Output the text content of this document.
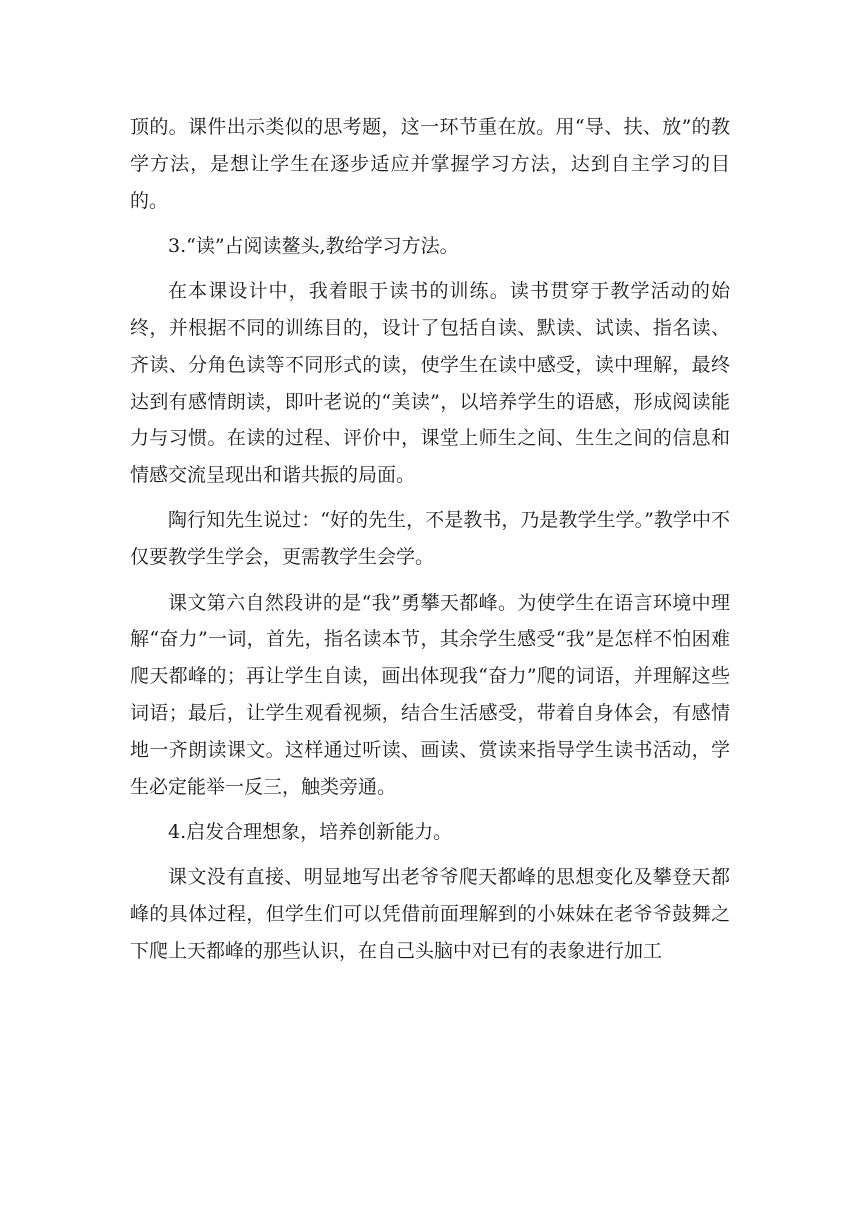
顶的。课件出示类似的思考题，这一环节重在放。用“导、扶、放”的教学方法，是想让学生在逐步适应并掌握学习方法，达到自主学习的目的。

3.“读”占阅读鳌头,教给学习方法。

在本课设计中，我着眼于读书的训练。读书贯穿于教学活动的始终，并根据不同的训练目的，设计了包括自读、默读、试读、指名读、齐读、分角色读等不同形式的读，使学生在读中感受，读中理解，最终达到有感情朗读，即叶老说的“美读”，以培养学生的语感，形成阅读能力与习惯。在读的过程、评价中，课堂上师生之间、生生之间的信息和情感交流呈现出和谐共振的局面。

陶行知先生说过：“好的先生，不是教书，乃是教学生学。”教学中不仅要教学生学会，更需教学生会学。

课文第六自然段讲的是“我”勇攀天都峰。为使学生在语言环境中理解“奋力”一词，首先，指名读本节，其余学生感受“我”是怎样不怕困难爬天都峰的；再让学生自读，画出体现我“奋力”爬的词语，并理解这些词语；最后，让学生观看视频，结合生活感受，带着自身体会，有感情地一齐朗读课文。这样通过听读、画读、赏读来指导学生读书活动，学生必定能举一反三，触类旁通。

4.启发合理想象，培养创新能力。

课文没有直接、明显地写出老爷爷爬天都峰的思想变化及攀登天都峰的具体过程，但学生们可以凭借前面理解到的小妹妹在老爷爷鼓舞之下爬上天都峰的那些认识，在自己头脑中对已有的表象进行加工
